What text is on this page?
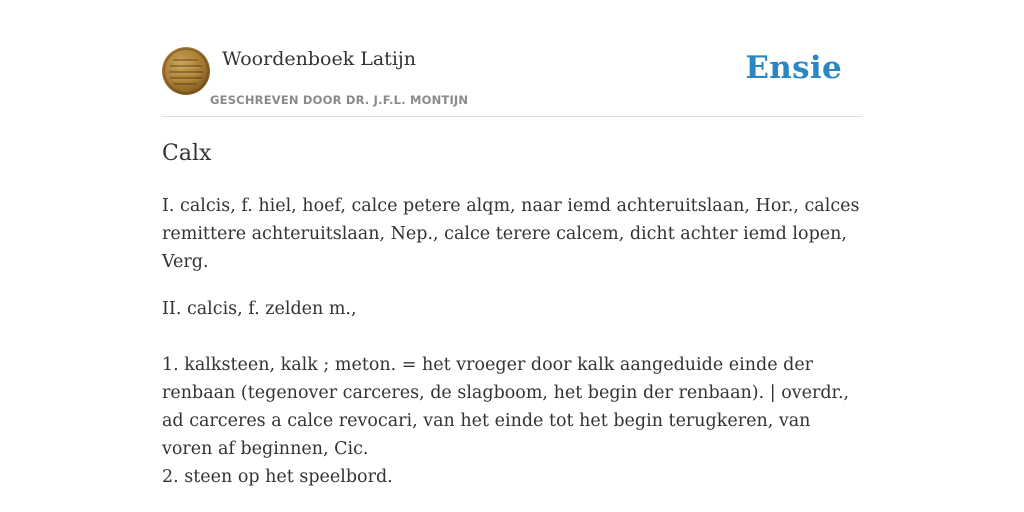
Woordenboek Latijn
GESCHREVEN DOOR DR. J.F.L. MONTIJN
Ensie
Calx

I. calcis, f. hiel, hoef, calce petere alqm, naar iemd achteruitslaan, Hor., calces remittere achteruitslaan, Nep., calce terere calcem, dicht achter iemd lopen, Verg.

II. calcis, f. zelden m.,

1. kalksteen, kalk ; meton. = het vroeger door kalk aangeduide einde der renbaan (tegenover carceres, de slagboom, het begin der renbaan). | overdr., ad carceres a calce revocari, van het einde tot het begin terugkeren, van voren af beginnen, Cic.

2. steen op het speelbord.
